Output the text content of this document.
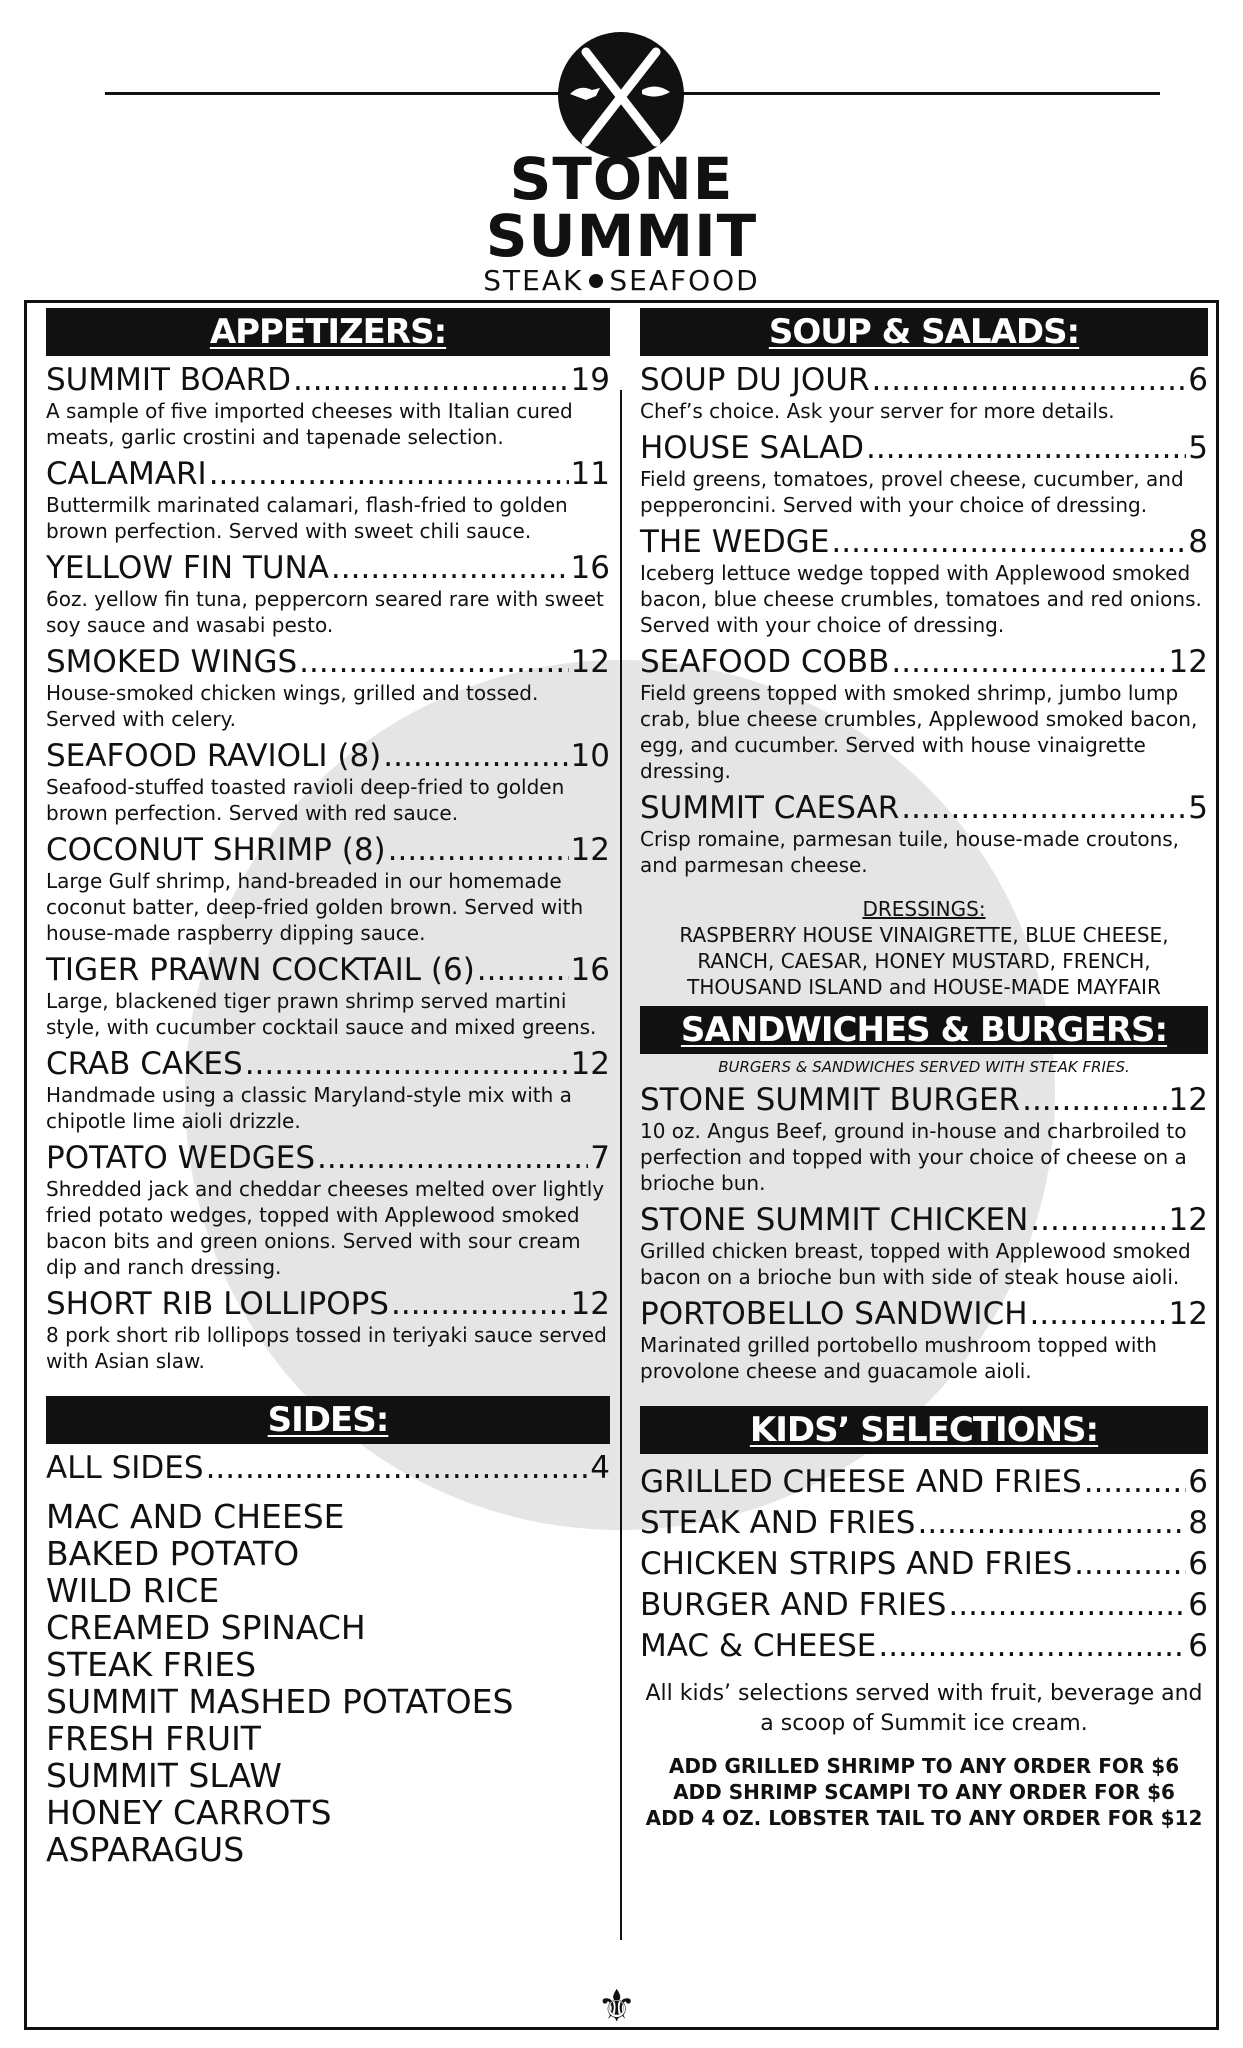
STONE
SUMMIT
STEAK SEAFOOD
⚜
APPETIZERS:
SUMMIT BOARD .....	19
A sample of five imported cheeses with Italian cured meats, garlic crostini and tapenade selection.
CALAMARI .....	11
Buttermilk marinated calamari, flash-fried to golden brown perfection. Served with sweet chili sauce.
YELLOW FIN TUNA .....	16
6oz. yellow fin tuna, peppercorn seared rare with sweet soy sauce and wasabi pesto.
SMOKED WINGS .....	12
House-smoked chicken wings, grilled and tossed. Served with celery.
SEAFOOD RAVIOLI (8) .....	10
Seafood-stuffed toasted ravioli deep-fried to golden brown perfection. Served with red sauce.
COCONUT SHRIMP (8) .....	12
Large Gulf shrimp, hand-breaded in our homemade coconut batter, deep-fried golden brown. Served with house-made raspberry dipping sauce.
TIGER PRAWN COCKTAIL (6) .....	16
Large, blackened tiger prawn shrimp served martini style, with cucumber cocktail sauce and mixed greens.
CRAB CAKES .....	12
Handmade using a classic Maryland-style mix with a chipotle lime aioli drizzle.
POTATO WEDGES .....	7
Shredded jack and cheddar cheeses melted over lightly fried potato wedges, topped with Applewood smoked bacon bits and green onions. Served with sour cream dip and ranch dressing.
SHORT RIB LOLLIPOPS .....	12
8 pork short rib lollipops tossed in teriyaki sauce served with Asian slaw.
SIDES:
ALL SIDES .....	4
MAC AND CHEESE
BAKED POTATO
WILD RICE
CREAMED SPINACH
STEAK FRIES
SUMMIT MASHED POTATOES
FRESH FRUIT
SUMMIT SLAW
HONEY CARROTS
ASPARAGUS
SOUP & SALADS:
SOUP DU JOUR .....	6
Chef’s choice. Ask your server for more details.
HOUSE SALAD .....	5
Field greens, tomatoes, provel cheese, cucumber, and pepperoncini. Served with your choice of dressing.
THE WEDGE .....	8
Iceberg lettuce wedge topped with Applewood smoked bacon, blue cheese crumbles, tomatoes and red onions. Served with your choice of dressing.
SEAFOOD COBB .....	12
Field greens topped with smoked shrimp, jumbo lump crab, blue cheese crumbles, Applewood smoked bacon, egg, and cucumber. Served with house vinaigrette dressing.
SUMMIT CAESAR .....	5
Crisp romaine, parmesan tuile, house-made croutons, and parmesan cheese.
DRESSINGS:
RASPBERRY HOUSE VINAIGRETTE, BLUE CHEESE,
RANCH, CAESAR, HONEY MUSTARD, FRENCH,
THOUSAND ISLAND and HOUSE-MADE MAYFAIR
SANDWICHES & BURGERS:
BURGERS & SANDWICHES SERVED WITH STEAK FRIES.
STONE SUMMIT BURGER .....	12
10 oz. Angus Beef, ground in-house and charbroiled to perfection and topped with your choice of cheese on a brioche bun.
STONE SUMMIT CHICKEN .....	12
Grilled chicken breast, topped with Applewood smoked bacon on a brioche bun with side of steak house aioli.
PORTOBELLO SANDWICH .....	12
Marinated grilled portobello mushroom topped with provolone cheese and guacamole aioli.
KIDS’ SELECTIONS:
GRILLED CHEESE AND FRIES .....	6
STEAK AND FRIES .....	8
CHICKEN STRIPS AND FRIES .....	6
BURGER AND FRIES .....	6
MAC & CHEESE .....	6
All kids’ selections served with fruit, beverage and
a scoop of Summit ice cream.
ADD GRILLED SHRIMP TO ANY ORDER FOR $6
ADD SHRIMP SCAMPI TO ANY ORDER FOR $6
ADD 4 OZ. LOBSTER TAIL TO ANY ORDER FOR $12
